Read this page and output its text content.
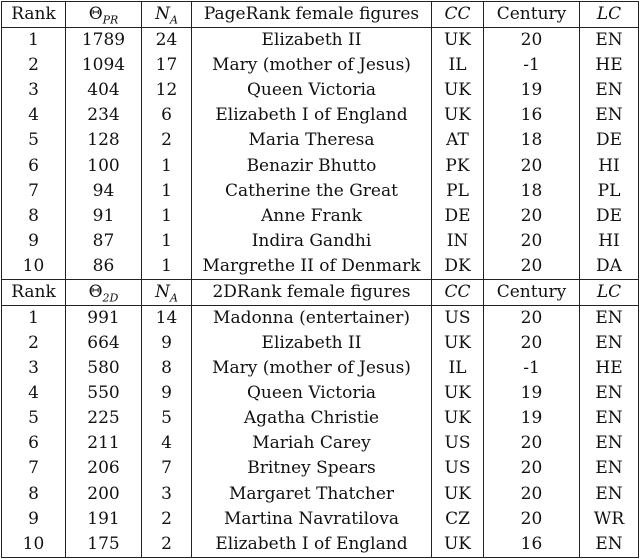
Rank	$\Theta_{PR}$	$N_A$	PageRank female figures	CC	Century	LC
1	1789	24	Elizabeth II	UK	20	EN
2	1094	17	Mary (mother of Jesus)	IL	-1	HE
3	404	12	Queen Victoria	UK	19	EN
4	234	6	Elizabeth I of England	UK	16	EN
5	128	2	Maria Theresa	AT	18	DE
6	100	1	Benazir Bhutto	PK	20	HI
7	94	1	Catherine the Great	PL	18	PL
8	91	1	Anne Frank	DE	20	DE
9	87	1	Indira Gandhi	IN	20	HI
10	86	1	Margrethe II of Denmark	DK	20	DA
Rank	$\Theta_{2D}$	$N_A$	2DRank female figures	CC	Century	LC
1	991	14	Madonna (entertainer)	US	20	EN
2	664	9	Elizabeth II	UK	20	EN
3	580	8	Mary (mother of Jesus)	IL	-1	HE
4	550	9	Queen Victoria	UK	19	EN
5	225	5	Agatha Christie	UK	19	EN
6	211	4	Mariah Carey	US	20	EN
7	206	7	Britney Spears	US	20	EN
8	200	3	Margaret Thatcher	UK	20	EN
9	191	2	Martina Navratilova	CZ	20	WR
10	175	2	Elizabeth I of England	UK	16	EN
